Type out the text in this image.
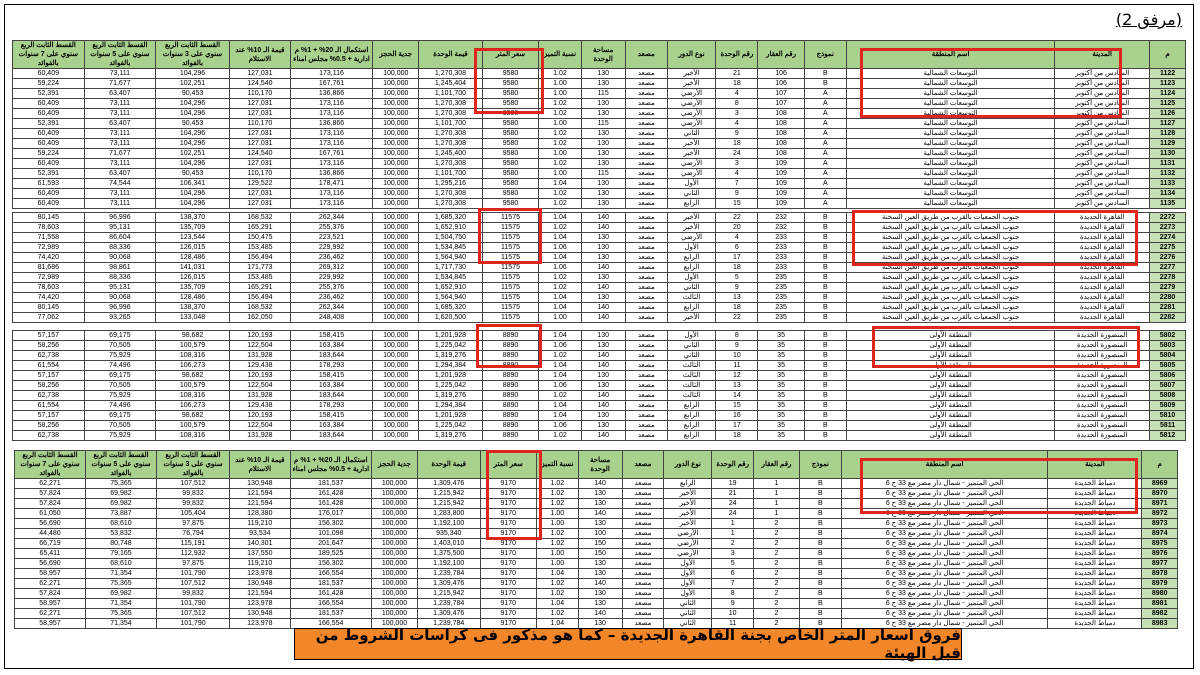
(مرفق 2)
القسط الثابت الربع سنوي على 7 سنوات بالفوائد	القسط الثابت الربع سنوي على 5 سنوات بالفوائد	القسط الثابت الربع سنوي على 3 سنوات بالفوائد	قيمة الـ 10% عند الاستلام	استكمال الـ 20% + 1% م ادارية + 0.5% مجلس امناء	جدية الحجز	قيمة الوحدة	سعر المتر	نسبة التميز	مساحة الوحدة	مصعد	نوع الدور	رقم الوحدة	رقم العقار	نموذج	اسم المنطقة	المدينة	م
60,409	73,111	104,296	127,031	173,116	100,000	1,270,308	9580	1.02	130	مصعد	الأخير	21	106	B	التوسعات الشمالية	السادس من أكتوبر	1122
59,224	71,677	102,251	124,540	167,761	100,000	1,245,404	9580	1.00	130	مصعد	الأخير	18	106	B	التوسعات الشمالية	السادس من أكتوبر	1123
52,391	63,407	90,453	110,170	136,866	100,000	1,101,700	9580	1.00	115	مصعد	الأرضي	4	107	A	التوسعات الشمالية	السادس من أكتوبر	1124
60,409	73,111	104,296	127,031	173,116	100,000	1,270,308	9580	1.02	130	مصعد	الأرضي	8	107	A	التوسعات الشمالية	السادس من أكتوبر	1125
60,409	73,111	104,296	127,031	173,116	100,000	1,270,308	9580	1.02	130	مصعد	الأرضي	3	108	A	التوسعات الشمالية	السادس من أكتوبر	1126
52,391	63,407	90,453	110,170	136,866	100,000	1,101,700	9580	1.00	115	مصعد	الأرضي	4	108	A	التوسعات الشمالية	السادس من أكتوبر	1127
60,409	73,111	104,296	127,031	173,116	100,000	1,270,308	9580	1.02	130	مصعد	الثاني	9	108	A	التوسعات الشمالية	السادس من أكتوبر	1128
60,409	73,111	104,296	127,031	173,116	100,000	1,270,308	9580	1.02	130	مصعد	الأخير	18	108	A	التوسعات الشمالية	السادس من أكتوبر	1129
59,224	71,677	102,251	124,540	167,761	100,000	1,245,400	9580	1.00	130	مصعد	الأخير	24	108	A	التوسعات الشمالية	السادس من أكتوبر	1130
60,409	73,111	104,296	127,031	173,116	100,000	1,270,308	9580	1.02	130	مصعد	الأرضي	3	109	A	التوسعات الشمالية	السادس من أكتوبر	1131
52,391	63,407	90,453	110,170	136,866	100,000	1,101,700	9580	1.00	115	مصعد	الأرضي	4	109	A	التوسعات الشمالية	السادس من أكتوبر	1132
61,593	74,544	106,341	129,522	178,471	100,000	1,295,216	9580	1.04	130	مصعد	الأول	7	109	A	التوسعات الشمالية	السادس من أكتوبر	1133
60,409	73,111	104,296	127,031	173,116	100,000	1,270,308	9580	1.02	130	مصعد	الثاني	9	109	A	التوسعات الشمالية	السادس من أكتوبر	1134
60,409	73,111	104,296	127,031	173,116	100,000	1,270,308	9580	1.02	130	مصعد	الرابع	15	109	A	التوسعات الشمالية	السادس من أكتوبر	1135
80,145	96,996	138,370	168,532	262,344	100,000	1,685,320	11575	1.04	140	مصعد	الأخير	22	232	B	جنوب الجمعيات بالقرب من طريق العين السخنة	القاهرة الجديدة	2272
78,603	95,131	135,709	165,291	255,376	100,000	1,652,910	11575	1.02	140	مصعد	الأخير	20	232	B	جنوب الجمعيات بالقرب من طريق العين السخنة	القاهرة الجديدة	2273
71,558	86,604	123,544	150,475	223,521	100,000	1,504,750	11575	1.04	130	مصعد	الأرضي	4	233	B	جنوب الجمعيات بالقرب من طريق العين السخنة	القاهرة الجديدة	2274
72,989	88,336	126,015	153,485	229,992	100,000	1,534,845	11575	1.06	130	مصعد	الأول	6	233	B	جنوب الجمعيات بالقرب من طريق العين السخنة	القاهرة الجديدة	2275
74,420	90,068	128,486	156,494	236,462	100,000	1,564,940	11575	1.04	130	مصعد	الرابع	17	233	B	جنوب الجمعيات بالقرب من طريق العين السخنة	القاهرة الجديدة	2276
81,686	98,861	141,031	171,773	269,312	100,000	1,717,730	11575	1.06	140	مصعد	الرابع	18	233	B	جنوب الجمعيات بالقرب من طريق العين السخنة	القاهرة الجديدة	2277
72,989	88,336	126,015	153,485	229,992	100,000	1,534,845	11575	1.02	130	مصعد	الأول	5	235	B	جنوب الجمعيات بالقرب من طريق العين السخنة	القاهرة الجديدة	2278
78,603	95,131	135,709	165,291	255,376	100,000	1,652,910	11575	1.02	140	مصعد	الثاني	9	235	B	جنوب الجمعيات بالقرب من طريق العين السخنة	القاهرة الجديدة	2279
74,420	90,068	128,486	156,494	236,462	100,000	1,564,940	11575	1.04	130	مصعد	الثالث	13	235	B	جنوب الجمعيات بالقرب من طريق العين السخنة	القاهرة الجديدة	2280
80,145	96,996	138,370	168,532	262,344	100,000	1,685,320	11575	1.04	140	مصعد	الرابع	18	235	B	جنوب الجمعيات بالقرب من طريق العين السخنة	القاهرة الجديدة	2281
77,062	93,265	133,048	162,050	248,408	100,000	1,620,500	11575	1.00	140	مصعد	الأخير	22	235	B	جنوب الجمعيات بالقرب من طريق العين السخنة	القاهرة الجديدة	2282
57,157	69,175	98,682	120,193	158,415	100,000	1,201,928	8890	1.04	130	مصعد	الأول	8	35	B	المنطقة الأولى	المنصورة الجديدة	5802
58,256	70,505	100,579	122,504	163,384	100,000	1,225,042	8890	1.06	130	مصعد	الثاني	9	35	B	المنطقة الأولى	المنصورة الجديدة	5803
62,738	75,929	108,316	131,928	183,644	100,000	1,319,276	8890	1.02	140	مصعد	الثاني	10	35	B	المنطقة الأولى	المنصورة الجديدة	5804
61,554	74,496	106,273	129,438	178,293	100,000	1,294,384	8890	1.04	140	مصعد	الثالث	11	35	B	المنطقة الأولى	المنصورة الجديدة	5805
57,157	69,175	98,682	120,193	158,415	100,000	1,201,928	8890	1.04	130	مصعد	الثالث	12	35	B	المنطقة الأولى	المنصورة الجديدة	5806
58,256	70,505	100,579	122,504	163,384	100,000	1,225,042	8890	1.06	130	مصعد	الثالث	13	35	B	المنطقة الأولى	المنصورة الجديدة	5807
62,738	75,929	108,316	131,928	183,644	100,000	1,319,276	8890	1.02	140	مصعد	الثالث	14	35	B	المنطقة الأولى	المنصورة الجديدة	5808
61,554	74,496	106,273	129,438	178,293	100,000	1,294,384	8890	1.04	140	مصعد	الرابع	15	35	B	المنطقة الأولى	المنصورة الجديدة	5809
57,157	69,175	98,682	120,193	158,415	100,000	1,201,928	8890	1.04	130	مصعد	الرابع	16	35	B	المنطقة الأولى	المنصورة الجديدة	5810
58,256	70,505	100,579	122,504	163,384	100,000	1,225,042	8890	1.06	130	مصعد	الرابع	17	35	B	المنطقة الأولى	المنصورة الجديدة	5811
62,738	75,929	108,316	131,928	183,644	100,000	1,319,276	8890	1.02	140	مصعد	الرابع	18	35	B	المنطقة الأولى	المنصورة الجديدة	5812
القسط الثابت الربع سنوي على 7 سنوات بالفوائد	القسط الثابت الربع سنوي على 5 سنوات بالفوائد	القسط الثابت الربع سنوي على 3 سنوات بالفوائد	قيمة الـ 10% عند الاستلام	استكمال الـ 20% + 1% م ادارية + 0.5% مجلس امناء	جدية الحجز	قيمة الوحدة	سعر المتر	نسبة التميز	مساحة الوحدة	مصعد	نوع الدور	رقم الوحدة	رقم العقار	نموذج	اسم المنطقة	المدينة	م
62,271	75,365	107,512	130,948	181,537	100,000	1,309,476	9170	1.02	140	مصعد	الرابع	19	1	B	الحي المتميز - شمال دار مصر مع 33 ح 6	دمياط الجديدة	8969
57,824	69,982	99,832	121,594	161,428	100,000	1,215,942	9170	1.02	130	مصعد	الأخير	21	1	B	الحي المتميز - شمال دار مصر مع 33 ح 6	دمياط الجديدة	8970
57,824	69,982	99,832	121,594	161,428	100,000	1,215,942	9170	1.02	130	مصعد	الأخير	24	1	B	الحي المتميز - شمال دار مصر مع 33 ح 6	دمياط الجديدة	8971
61,050	73,887	105,404	128,380	176,017	100,000	1,283,800	9170	1.00	140	مصعد	الأخير	24	1	B	الحي المتميز - شمال دار مصر مع 33 ح 6	دمياط الجديدة	8972
56,690	68,610	97,875	119,210	156,302	100,000	1,192,100	9170	1.00	130	مصعد	الأخير	1	2	B	الحي المتميز - شمال دار مصر مع 33 ح 6	دمياط الجديدة	8973
44,480	53,832	76,794	93,534	101,098	100,000	935,340	9170	1.02	100	مصعد	الأرضي	1	2	B	الحي المتميز - شمال دار مصر مع 33 ح 6	دمياط الجديدة	8974
66,719	80,748	115,191	140,301	201,647	100,000	1,403,010	9170	1.02	150	مصعد	الأرضي	2	2	B	الحي المتميز - شمال دار مصر مع 33 ح 6	دمياط الجديدة	8975
65,411	79,165	112,932	137,550	189,525	100,000	1,375,500	9170	1.00	150	مصعد	الأرضي	3	2	B	الحي المتميز - شمال دار مصر مع 33 ح 6	دمياط الجديدة	8976
56,690	68,610	97,875	119,210	156,302	100,000	1,192,100	9170	1.00	130	مصعد	الأول	5	2	B	الحي المتميز - شمال دار مصر مع 33 ح 6	دمياط الجديدة	8977
58,957	71,354	101,790	123,978	166,554	100,000	1,239,784	9170	1.04	130	مصعد	الأول	6	2	B	الحي المتميز - شمال دار مصر مع 33 ح 6	دمياط الجديدة	8978
62,271	75,365	107,512	130,948	181,537	100,000	1,309,476	9170	1.02	140	مصعد	الأول	7	2	B	الحي المتميز - شمال دار مصر مع 33 ح 6	دمياط الجديدة	8979
57,824	69,982	99,832	121,594	161,428	100,000	1,215,942	9170	1.02	130	مصعد	الأول	8	2	B	الحي المتميز - شمال دار مصر مع 33 ح 6	دمياط الجديدة	8980
58,957	71,354	101,790	123,978	166,554	100,000	1,239,784	9170	1.04	130	مصعد	الثاني	9	2	B	الحي المتميز - شمال دار مصر مع 33 ح 6	دمياط الجديدة	8981
62,271	75,365	107,512	130,948	181,537	100,000	1,309,476	9170	1.02	140	مصعد	الثاني	10	2	B	الحي المتميز - شمال دار مصر مع 33 ح 6	دمياط الجديدة	8982
58,957	71,354	101,790	123,978	166,554	100,000	1,239,784	9170	1.04	130	مصعد	الثاني	11	2	B	الحي المتميز - شمال دار مصر مع 33 ح 6	دمياط الجديدة	8983
فروق اسعار المتر الخاص بجنة القاهرة الجديدة – كما هو مذكور فى كراسات الشروط من قبل الهيئة
